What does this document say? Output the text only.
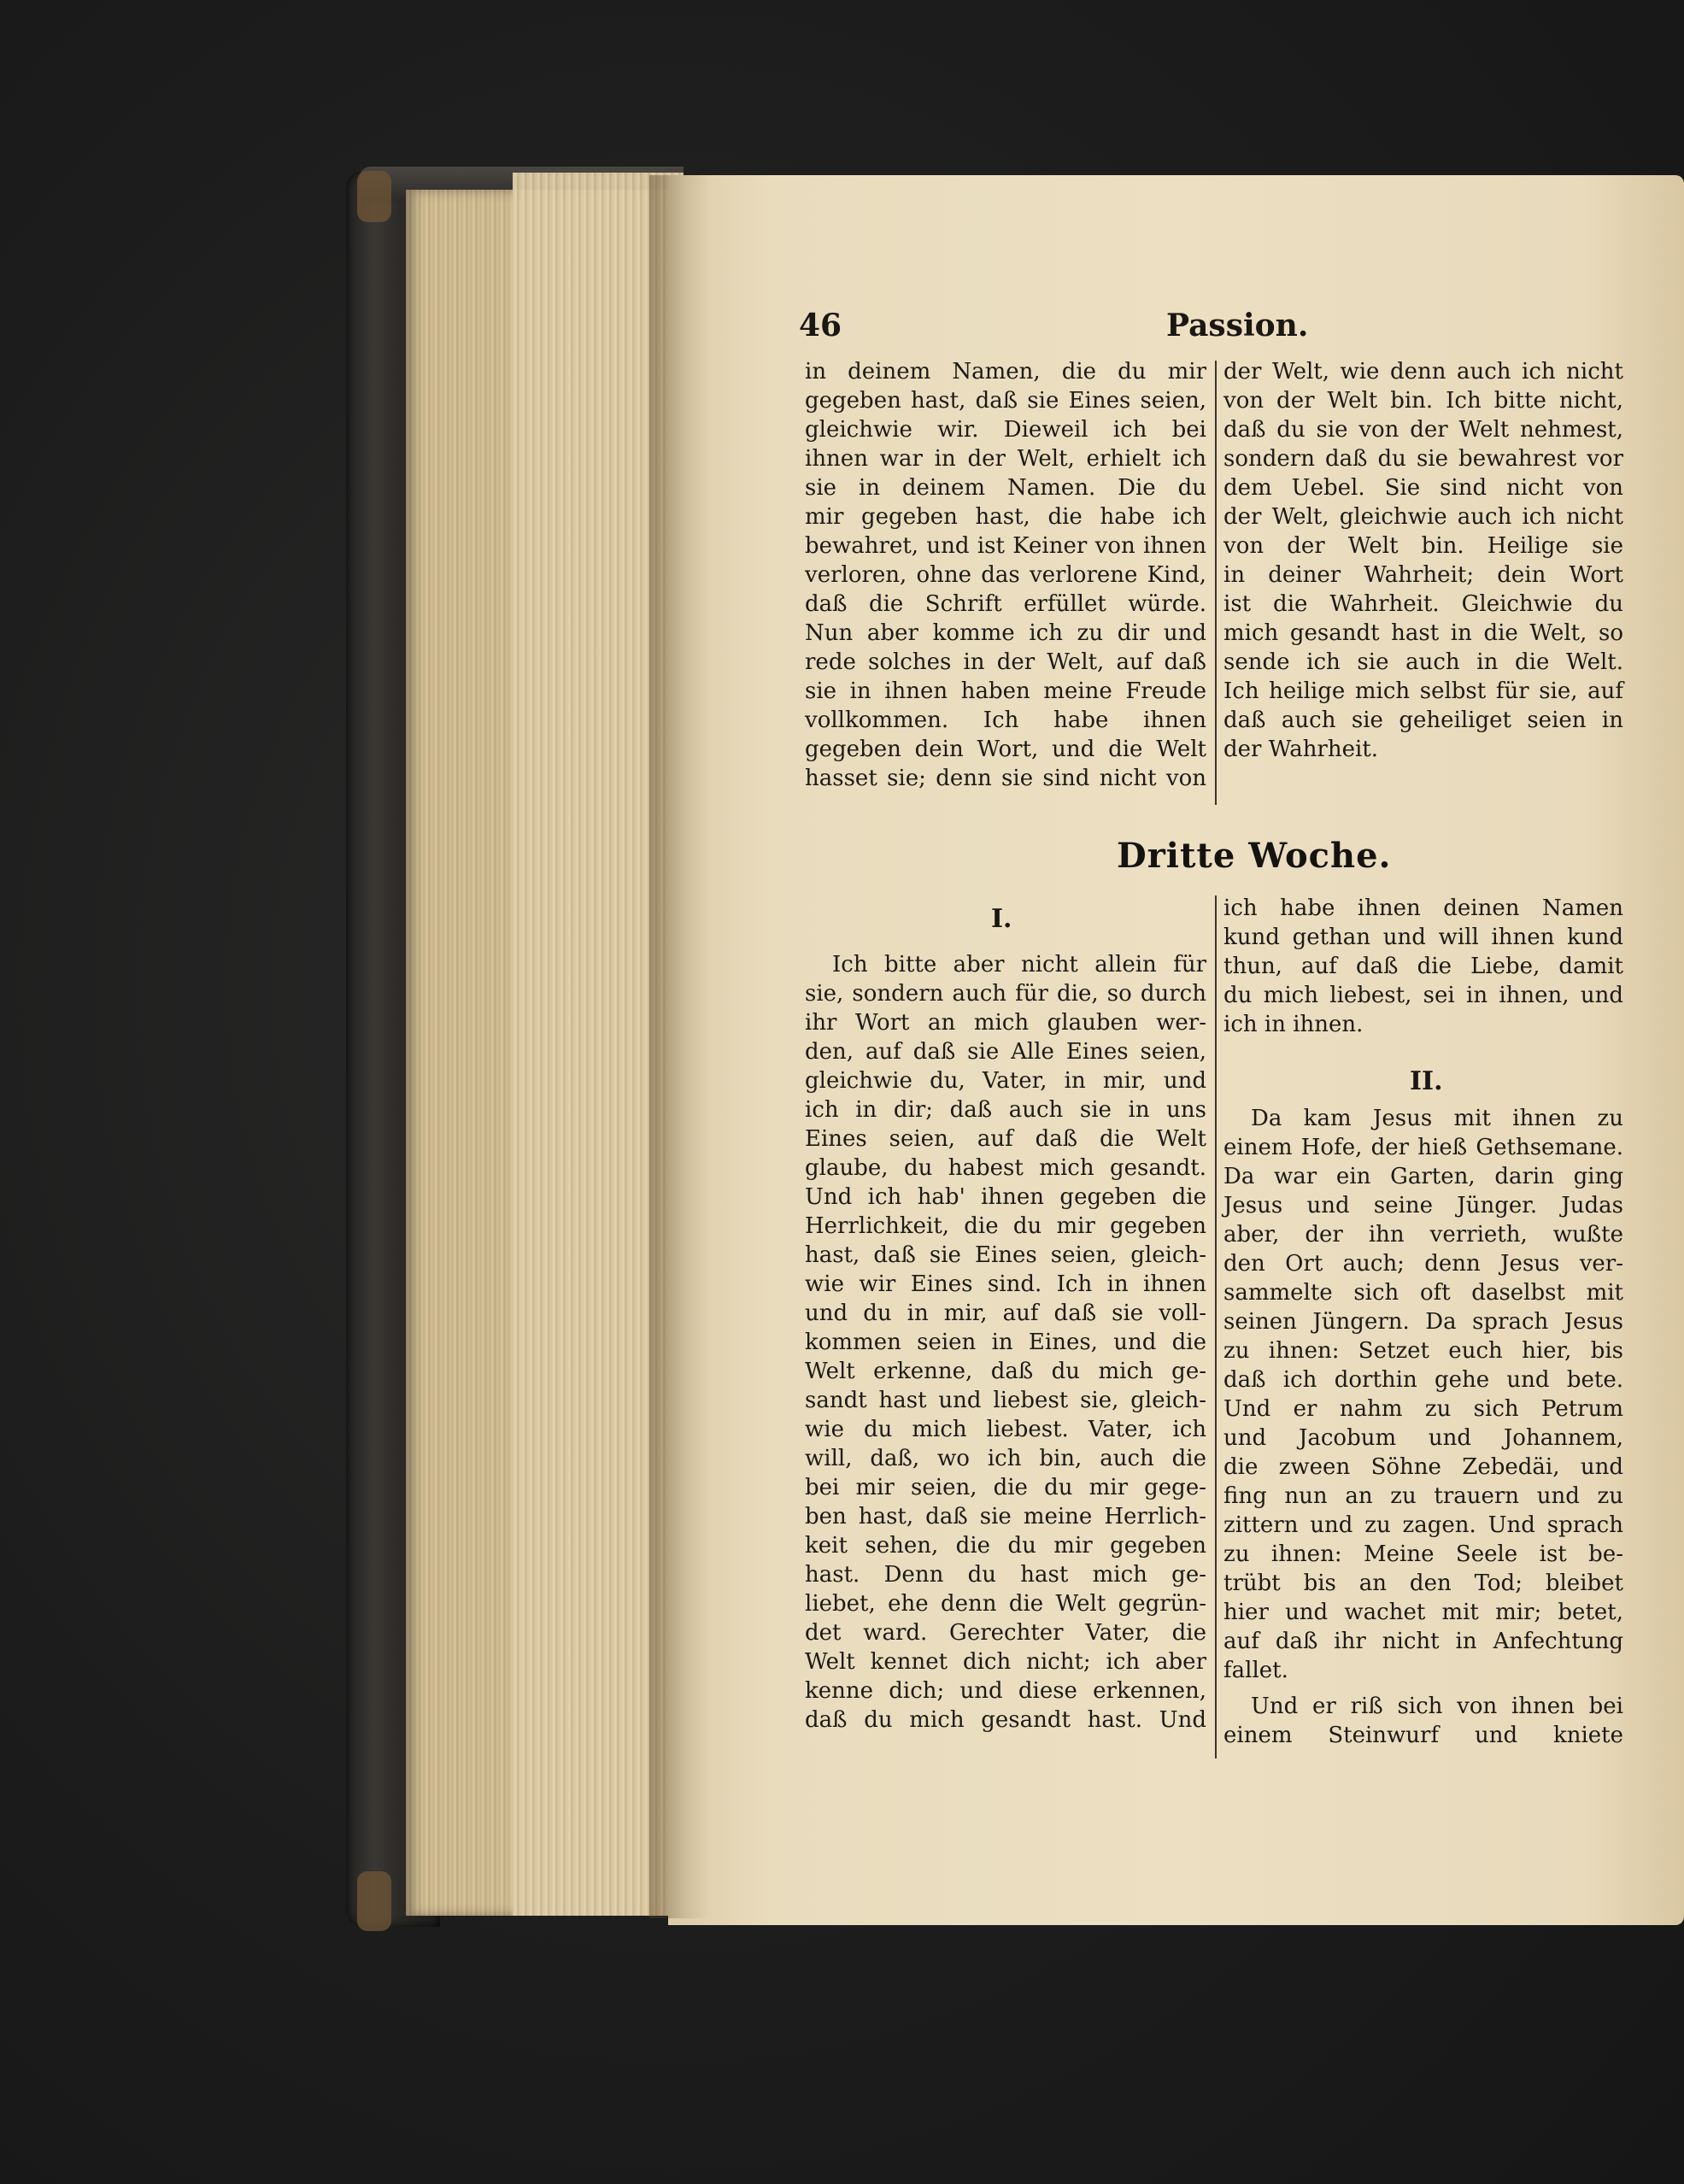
46	Passion.
in deinem Namen, die du mir
gegeben hast, daß sie Eines seien,
gleichwie wir. Dieweil ich bei
ihnen war in der Welt, erhielt ich
sie in deinem Namen. Die du
mir gegeben hast, die habe ich
bewahret, und ist Keiner von ihnen
verloren, ohne das verlorene Kind,
daß die Schrift erfüllet würde.
Nun aber komme ich zu dir und
rede solches in der Welt, auf daß
sie in ihnen haben meine Freude
vollkommen. Ich habe ihnen
gegeben dein Wort, und die Welt
hasset sie; denn sie sind nicht von
der Welt, wie denn auch ich nicht
von der Welt bin. Ich bitte nicht,
daß du sie von der Welt nehmest,
sondern daß du sie bewahrest vor
dem Uebel. Sie sind nicht von
der Welt, gleichwie auch ich nicht
von der Welt bin. Heilige sie
in deiner Wahrheit; dein Wort
ist die Wahrheit. Gleichwie du
mich gesandt hast in die Welt, so
sende ich sie auch in die Welt.
Ich heilige mich selbst für sie, auf
daß auch sie geheiliget seien in
der Wahrheit.
Dritte Woche.
I.
Ich bitte aber nicht allein für
sie, sondern auch für die, so durch
ihr Wort an mich glauben wer-
den, auf daß sie Alle Eines seien,
gleichwie du, Vater, in mir, und
ich in dir; daß auch sie in uns
Eines seien, auf daß die Welt
glaube, du habest mich gesandt.
Und ich hab' ihnen gegeben die
Herrlichkeit, die du mir gegeben
hast, daß sie Eines seien, gleich-
wie wir Eines sind. Ich in ihnen
und du in mir, auf daß sie voll-
kommen seien in Eines, und die
Welt erkenne, daß du mich ge-
sandt hast und liebest sie, gleich-
wie du mich liebest. Vater, ich
will, daß, wo ich bin, auch die
bei mir seien, die du mir gege-
ben hast, daß sie meine Herrlich-
keit sehen, die du mir gegeben
hast. Denn du hast mich ge-
liebet, ehe denn die Welt gegrün-
det ward. Gerechter Vater, die
Welt kennet dich nicht; ich aber
kenne dich; und diese erkennen,
daß du mich gesandt hast. Und
ich habe ihnen deinen Namen
kund gethan und will ihnen kund
thun, auf daß die Liebe, damit
du mich liebest, sei in ihnen, und
ich in ihnen.
II.
Da kam Jesus mit ihnen zu
einem Hofe, der hieß Gethsemane.
Da war ein Garten, darin ging
Jesus und seine Jünger. Judas
aber, der ihn verrieth, wußte
den Ort auch; denn Jesus ver-
sammelte sich oft daselbst mit
seinen Jüngern. Da sprach Jesus
zu ihnen: Setzet euch hier, bis
daß ich dorthin gehe und bete.
Und er nahm zu sich Petrum
und Jacobum und Johannem,
die zween Söhne Zebedäi, und
fing nun an zu trauern und zu
zittern und zu zagen. Und sprach
zu ihnen: Meine Seele ist be-
trübt bis an den Tod; bleibet
hier und wachet mit mir; betet,
auf daß ihr nicht in Anfechtung
fallet.
Und er riß sich von ihnen bei
einem Steinwurf und kniete
